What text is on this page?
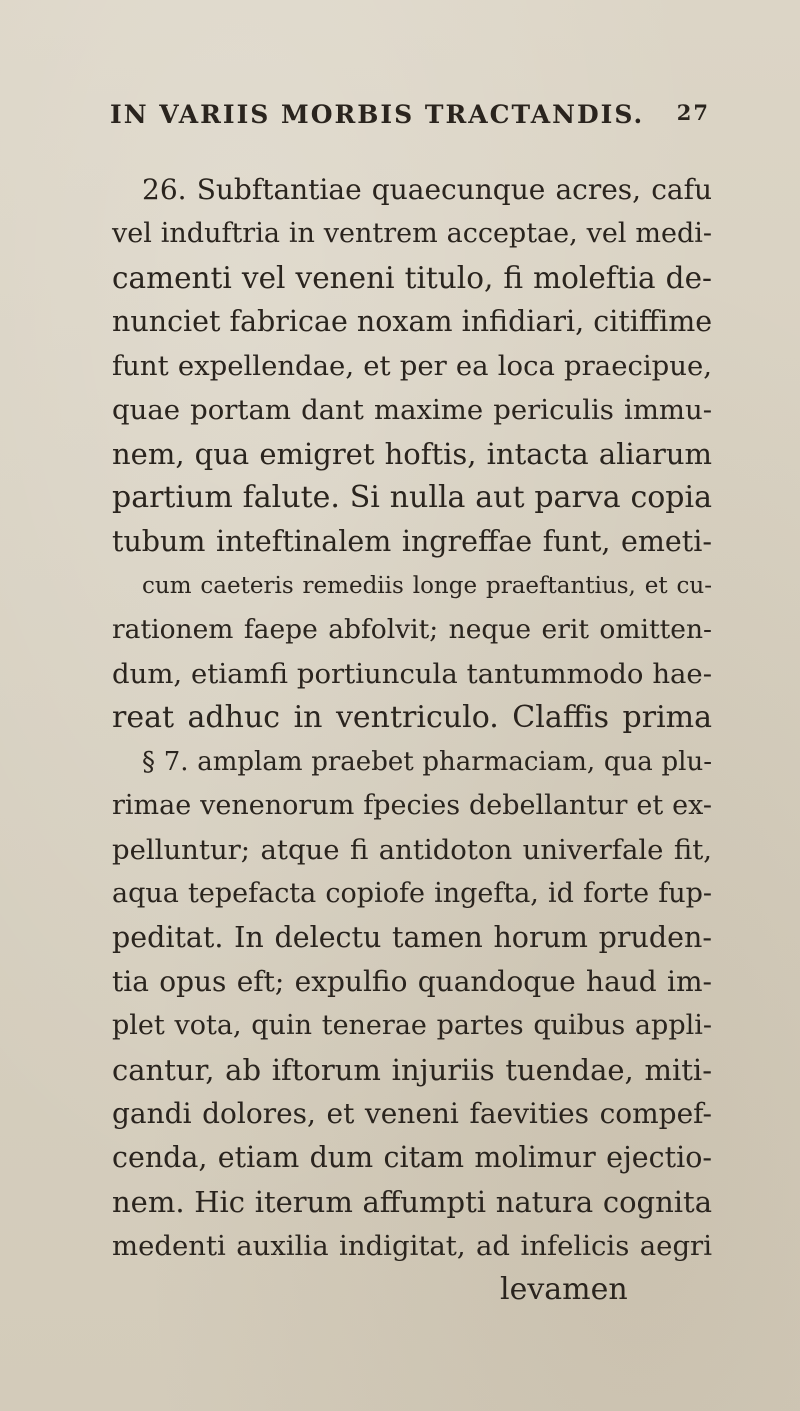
IN VARIIS MORBIS TRACTANDIS. 27
26. Subftantiae quaecunque acres, cafu
vel induftria in ventrem acceptae, vel medi-
camenti vel veneni titulo, fi moleftia de-
nunciet fabricae noxam infidiari, citiffime
funt expellendae, et per ea loca praecipue,
quae portam dant maxime periculis immu-
nem, qua emigret hoftis, intacta aliarum
partium falute. Si nulla aut parva copia
tubum inteftinalem ingreffae funt, emeti-
cum caeteris remediis longe praeftantius, et cu-
rationem faepe abfolvit; neque erit omitten-
dum, etiamfi portiuncula tantummodo hae-
reat adhuc in ventriculo. Claffis prima
§ 7. amplam praebet pharmaciam, qua plu-
rimae venenorum fpecies debellantur et ex-
pelluntur; atque fi antidoton univerfale fit,
aqua tepefacta copiofe ingefta, id forte fup-
peditat. In delectu tamen horum pruden-
tia opus eft; expulfio quandoque haud im-
plet vota, quin tenerae partes quibus appli-
cantur, ab iftorum injuriis tuendae, miti-
gandi dolores, et veneni faevities compef-
cenda, etiam dum citam molimur ejectio-
nem. Hic iterum affumpti natura cognita
medenti auxilia indigitat, ad infelicis aegri
levamen
